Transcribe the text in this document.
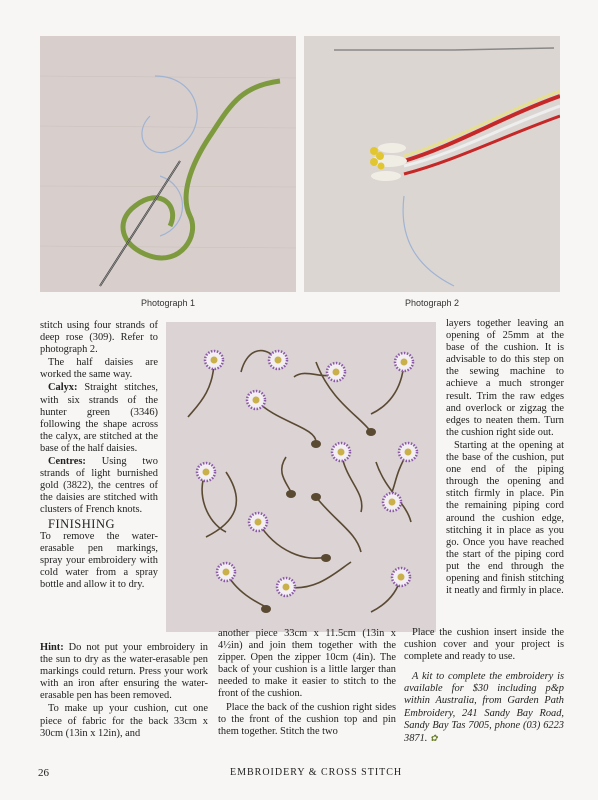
Photograph 1	Photograph 2

stitch using four strands of deep rose (309). Refer to photograph 2.

The half daisies are worked the same way.

Calyx: Straight stitches, with six strands of the hunter green (3346) following the shape across the calyx, are stitched at the base of the half daisies.

Centres: Using two strands of light burnished gold (3822), the centres of the daisies are stitched with clusters of French knots.

FINISHING

To remove the water-erasable pen markings, spray your embroidery with cold water from a spray bottle and allow it to dry.

Hint: Do not put your embroidery in the sun to dry as the water-erasable pen markings could return. Press your work with an iron after ensuring the water-erasable pen has been removed.

To make up your cushion, cut one piece of fabric for the back 33cm x 30cm (13in x 12in), and

another piece 33cm x 11.5cm (13in x 4½in) and join them together with the zipper. Open the zipper 10cm (4in). The back of your cushion is a little larger than needed to make it easier to stitch to the front of the cushion.

Place the back of the cushion right sides to the front of the cushion top and pin them together. Stitch the two

layers together leaving an opening of 25mm at the base of the cushion. It is advisable to do this step on the sewing machine to achieve a much stronger result. Trim the raw edges and overlock or zigzag the edges to neaten them. Turn the cushion right side out.

Starting at the opening at the base of the cushion, put one end of the piping through the opening and stitch firmly in place. Pin the remaining piping cord around the cushion edge, stitching it in place as you go. Once you have reached the start of the piping cord put the end through the opening and finish stitching it neatly and firmly in place.

Place the cushion insert inside the cushion cover and your project is complete and ready to use.

A kit to complete the embroidery is available for $30 including p&p within Australia, from Garden Path Embroidery, 241 Sandy Bay Road, Sandy Bay Tas 7005, phone (03) 6223 3871. ✿

26	EMBROIDERY & CROSS STITCH
